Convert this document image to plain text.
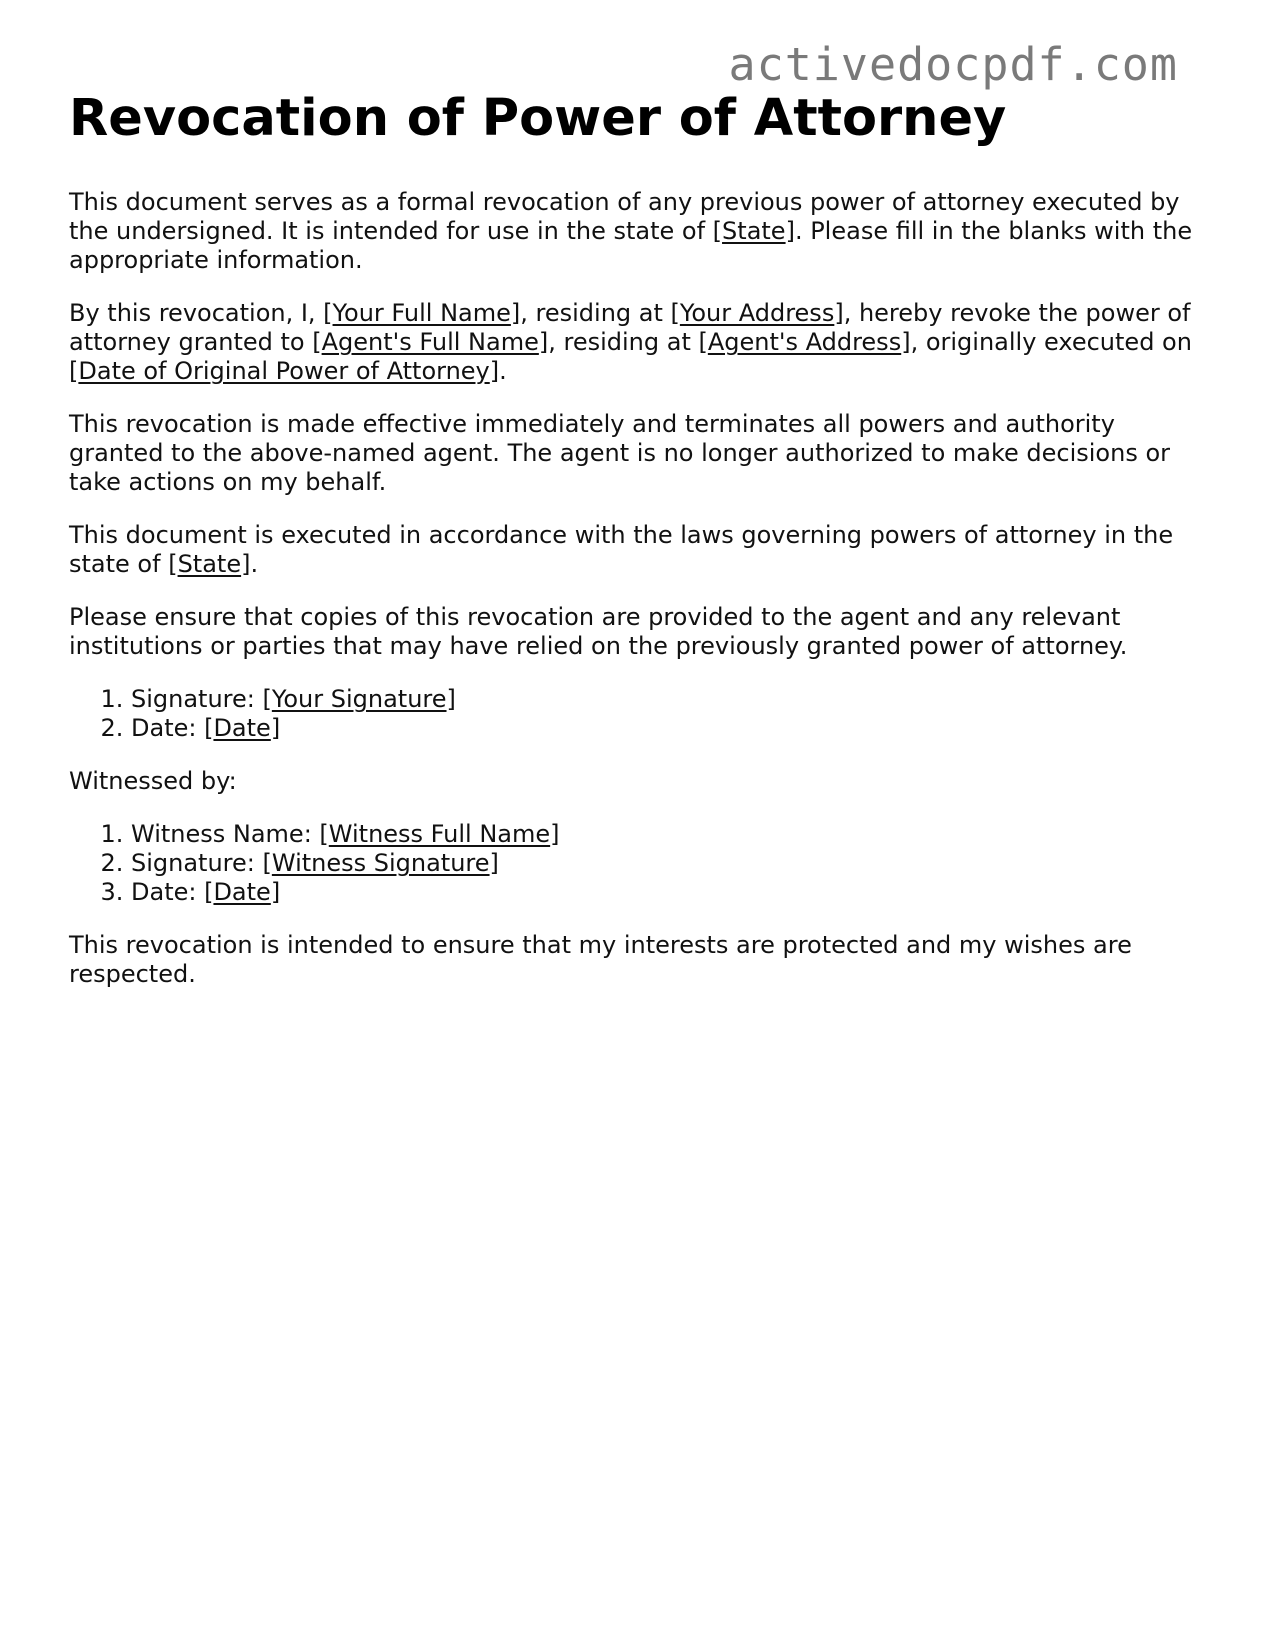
activedocpdf.com
Revocation of Power of Attorney

This document serves as a formal revocation of any previous power of attorney executed by the undersigned. It is intended for use in the state of [State]. Please fill in the blanks with the appropriate information.

By this revocation, I, [Your Full Name], residing at [Your Address], hereby revoke the power of attorney granted to [Agent's Full Name], residing at [Agent's Address], originally executed on [Date of Original Power of Attorney].

This revocation is made effective immediately and terminates all powers and authority granted to the above-named agent. The agent is no longer authorized to make decisions or take actions on my behalf.

This document is executed in accordance with the laws governing powers of attorney in the state of [State].

Please ensure that copies of this revocation are provided to the agent and any relevant institutions or parties that may have relied on the previously granted power of attorney.

1. Signature: [Your Signature]
2. Date: [Date]

Witnessed by:

1. Witness Name: [Witness Full Name]
2. Signature: [Witness Signature]
3. Date: [Date]

This revocation is intended to ensure that my interests are protected and my wishes are respected.
